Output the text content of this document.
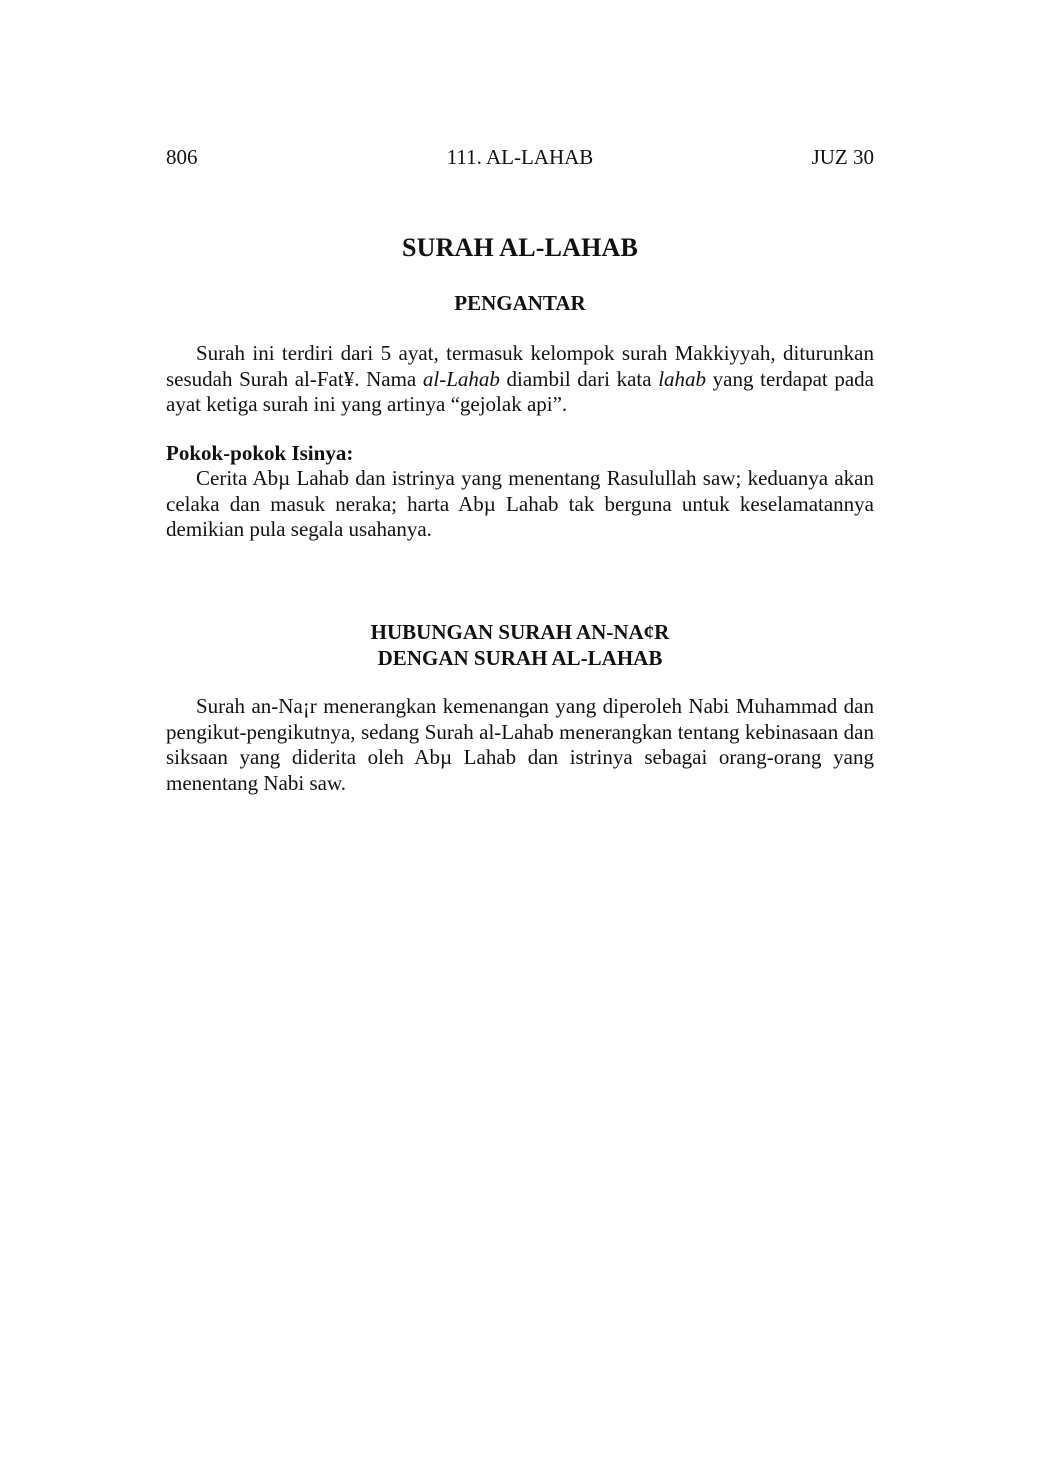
806	111. AL-LAHAB	JUZ 30
SURAH AL-LAHAB
PENGANTAR

Surah ini terdiri dari 5 ayat, termasuk kelompok surah Makkiyyah, diturunkan sesudah Surah al-Fat¥. Nama al-Lahab diambil dari kata lahab yang terdapat pada ayat ketiga surah ini yang artinya “gejolak api”.

Pokok-pokok Isinya:

Cerita Abµ Lahab dan istrinya yang menentang Rasulullah saw; keduanya akan celaka dan masuk neraka; harta Abµ Lahab tak berguna untuk keselamatannya demikian pula segala usahanya.

HUBUNGAN SURAH AN-NA¢R
DENGAN SURAH AL-LAHAB

Surah an-Na¡r menerangkan kemenangan yang diperoleh Nabi Muhammad dan pengikut-pengikutnya, sedang Surah al-Lahab menerangkan tentang kebinasaan dan siksaan yang diderita oleh Abµ Lahab dan istrinya sebagai orang-orang yang menentang Nabi saw.
